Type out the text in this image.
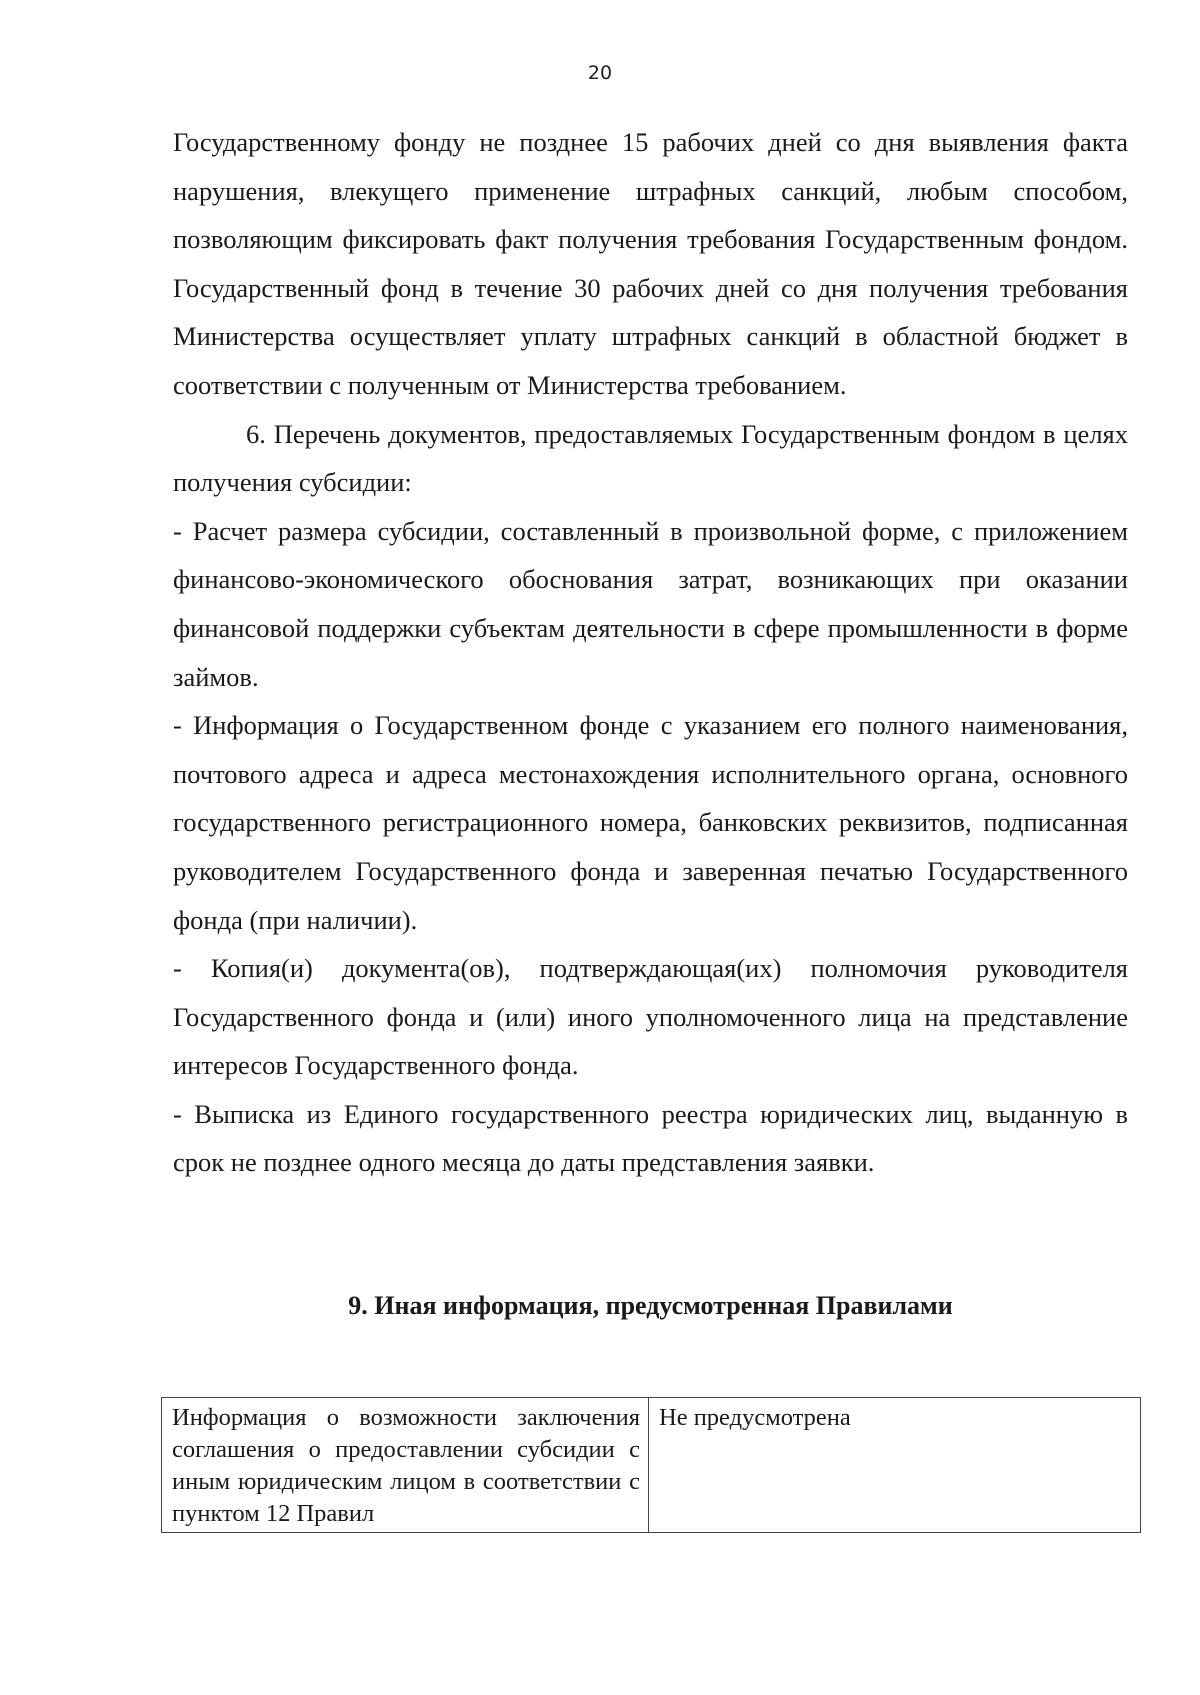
20

Государственному фонду не позднее 15 рабочих дней со дня выявления факта нарушения, влекущего применение штрафных санкций, любым способом, позволяющим фиксировать факт получения требования Государственным фондом. Государственный фонд в течение 30 рабочих дней со дня получения требования Министерства осуществляет уплату штрафных санкций в областной бюджет в соответствии с полученным от Министерства требованием.

6. Перечень документов, предоставляемых Государственным фондом в целях получения субсидии:

- Расчет размера субсидии, составленный в произвольной форме, с приложением финансово-экономического обоснования затрат, возникающих при оказании финансовой поддержки субъектам деятельности в сфере промышленности в форме займов.

- Информация о Государственном фонде с указанием его полного наименования, почтового адреса и адреса местонахождения исполнительного органа, основного государственного регистрационного номера, банковских реквизитов, подписанная руководителем Государственного фонда и заверенная печатью Государственного фонда (при наличии).

- Копия(и) документа(ов), подтверждающая(их) полномочия руководителя Государственного фонда и (или) иного уполномоченного лица на представление интересов Государственного фонда.

- Выписка из Единого государственного реестра юридических лиц, выданную в срок не позднее одного месяца до даты представления заявки.

9. Иная информация, предусмотренная Правилами
Информация о возможности заключения соглашения о предоставлении субсидии с иным юридическим лицом в соответствии с пунктом 12 Правил	Не предусмотрена
